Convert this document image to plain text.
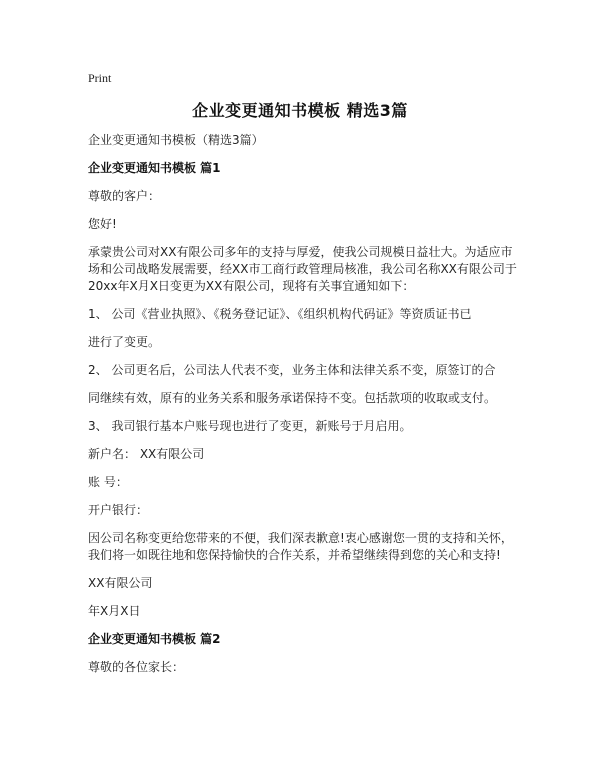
Print
企业变更通知书模板 精选3篇

企业变更通知书模板（精选3篇）

企业变更通知书模板 篇1

尊敬的客户：

您好!

承蒙贵公司对XX有限公司多年的支持与厚爱，使我公司规模日益壮大。为适应市场和公司战略发展需要，经XX市工商行政管理局核准，我公司名称XX有限公司于20xx年X月X日变更为XX有限公司，现将有关事宜通知如下：

1、 公司《营业执照》、《税务登记证》、《组织机构代码证》等资质证书已

进行了变更。

2、 公司更名后，公司法人代表不变，业务主体和法律关系不变，原签订的合

同继续有效，原有的业务关系和服务承诺保持不变。包括款项的收取或支付。

3、 我司银行基本户账号现也进行了变更，新账号于月启用。

新户名： XX有限公司

账 号：

开户银行：

因公司名称变更给您带来的不便，我们深表歉意!衷心感谢您一贯的支持和关怀，我们将一如既往地和您保持愉快的合作关系，并希望继续得到您的关心和支持!

XX有限公司

年X月X日

企业变更通知书模板 篇2

尊敬的各位家长：
